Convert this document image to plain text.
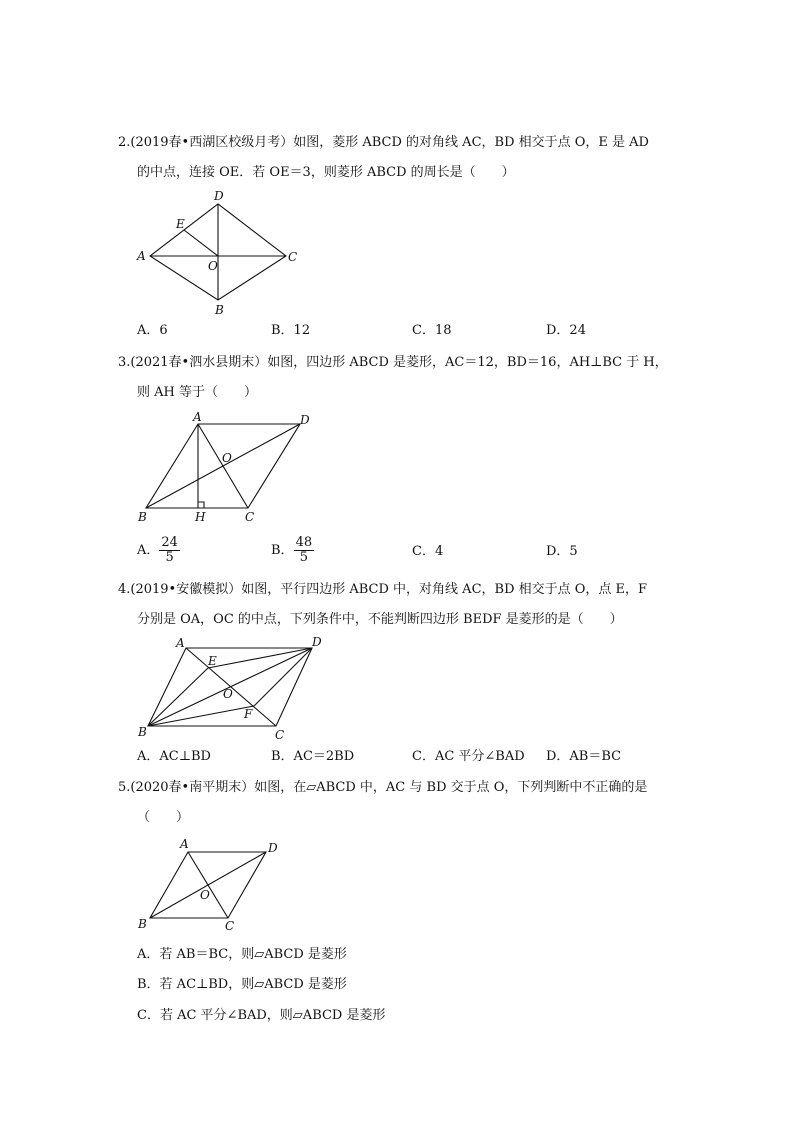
2.(2019春•西湖区校级月考）如图，菱形 ABCD 的对角线 AC，BD 相交于点 O，E 是 AD
的中点，连接 OE．若 OE＝3，则菱形 ABCD 的周长是（　　）
A
D
C
B
E
O
A．6	B．12	C．18	D．24
3.(2021春•泗水县期末）如图，四边形 ABCD 是菱形，AC＝12，BD＝16，AH⊥BC 于 H，
则 AH 等于（　　）
A	D
C
B	H
O
A． $\frac{24}{5}$	B． $\frac{48}{5}$	C．4	D．5
4.(2019•安徽模拟）如图，平行四边形 ABCD 中，对角线 AC，BD 相交于点 O，点 E，F
分别是 OA，OC 的中点，下列条件中，不能判断四边形 BEDF 是菱形的是（　　）
A	D
C
B
E
F
O
A．AC⊥BD	B．AC＝2BD	C．AC 平分∠BAD D．AB＝BC
5.(2020春•南平期末）如图，在▱ABCD 中，AC 与 BD 交于点 O，下列判断中不正确的是
（　　）
A	D
C
B
O
A．若 AB＝BC，则▱ABCD 是菱形
B．若 AC⊥BD，则▱ABCD 是菱形
C．若 AC 平分∠BAD，则▱ABCD 是菱形
